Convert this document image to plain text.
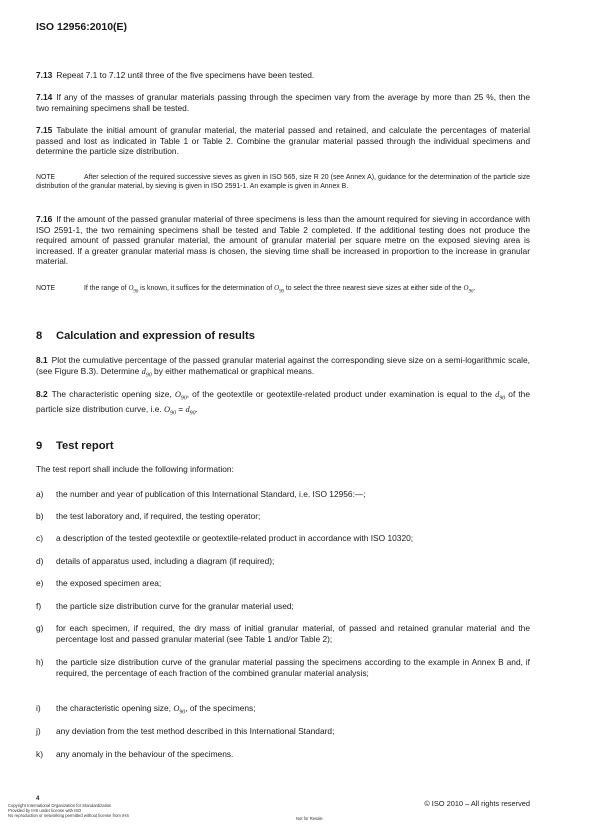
ISO 12956:2010(E)
7.13 Repeat 7.1 to 7.12 until three of the five specimens have been tested.
7.14 If any of the masses of granular materials passing through the specimen vary from the average by more than 25 %, then the two remaining specimens shall be tested.
7.15 Tabulate the initial amount of granular material, the material passed and retained, and calculate the percentages of material passed and lost as indicated in Table 1 or Table 2. Combine the granular material passed through the individual specimens and determine the particle size distribution.
NOTE	After selection of the required successive sieves as given in ISO 565, size R 20 (see Annex A), guidance for the determination of the particle size distribution of the granular material, by sieving is given in ISO 2591-1. An example is given in Annex B.
7.16 If the amount of the passed granular material of three specimens is less than the amount required for sieving in accordance with ISO 2591-1, the two remaining specimens shall be tested and Table 2 completed. If the additional testing does not produce the required amount of passed granular material, the amount of granular material per square metre on the exposed sieving area is increased. If a greater granular material mass is chosen, the sieving time shall be increased in proportion to the increase in granular material.
NOTE	If the range of $O_{90}$ is known, it suffices for the determination of $O_{90}$ to select the three nearest sieve sizes at either side of the $O_{90}$.
8 Calculation and expression of results
8.1 Plot the cumulative percentage of the passed granular material against the corresponding sieve size on a semi-logarithmic scale, (see Figure B.3). Determine $d_{90}$ by either mathematical or graphical means.
8.2 The characteristic opening size, $O_{90}$, of the geotextile or geotextile-related product under examination is equal to the $d_{90}$ of the particle size distribution curve, i.e. $O_{90} = d_{90}$.
9 Test report
The test report shall include the following information:
a) the number and year of publication of this International Standard, i.e. ISO 12956:—;
b) the test laboratory and, if required, the testing operator;
c) a description of the tested geotextile or geotextile-related product in accordance with ISO 10320;
d) details of apparatus used, including a diagram (if required);
e) the exposed specimen area;
f) the particle size distribution curve for the granular material used;
g) for each specimen, if required, the dry mass of initial granular material, of passed and retained granular material and the percentage lost and passed granular material (see Table 1 and/or Table 2);
h) the particle size distribution curve of the granular material passing the specimens according to the example in Annex B and, if required, the percentage of each fraction of the combined granular material analysis;
i) the characteristic opening size, $O_{90}$, of the specimens;
j) any deviation from the test method described in this International Standard;
k) any anomaly in the behaviour of the specimens.
4
Copyright International Organization for Standardization
Provided by IHS under license with ISO
No reproduction or networking permitted without license from IHS
Not for Resale
© ISO 2010 – All rights reserved
